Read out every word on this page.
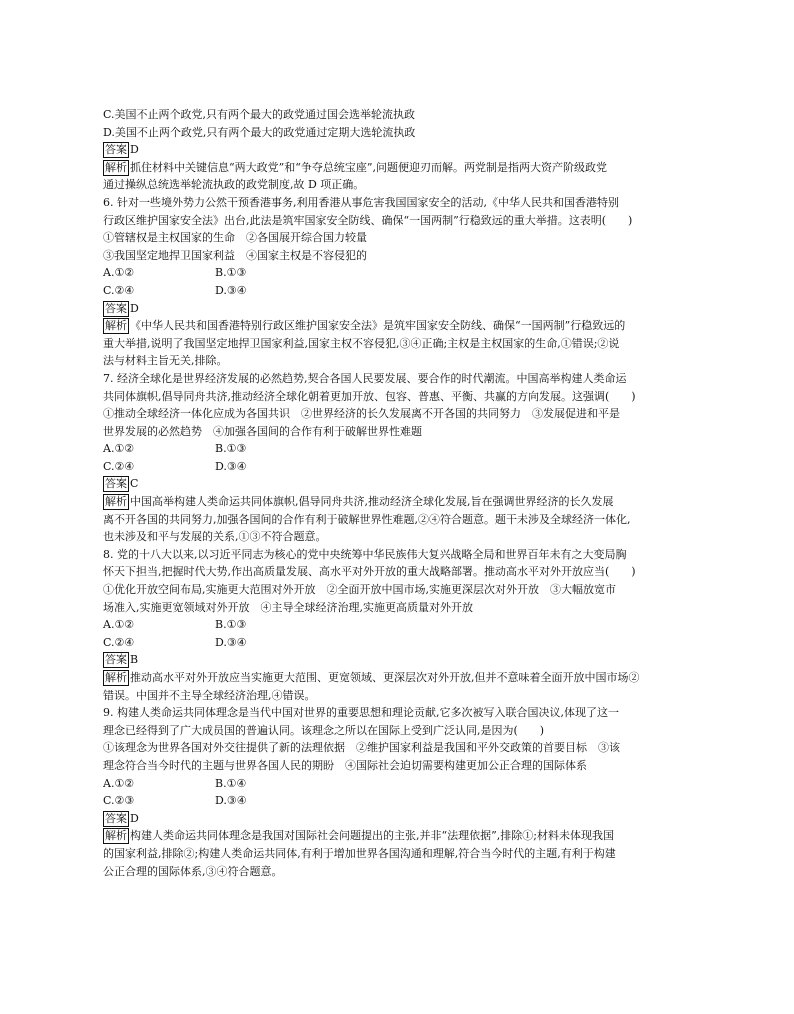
C.美国不止两个政党,只有两个最大的政党通过国会选举轮流执政
D.美国不止两个政党,只有两个最大的政党通过定期大选轮流执政
答案 D
解析 抓住材料中关键信息“两大政党”和“争夺总统宝座”,问题便迎刃而解。两党制是指两大资产阶级政党
通过操纵总统选举轮流执政的政党制度,故 D 项正确。
6. 针对一些境外势力公然干预香港事务,利用香港从事危害我国国家安全的活动,《中华人民共和国香港特别
行政区维护国家安全法》出台,此法是筑牢国家安全防线、确保“一国两制”行稳致远的重大举措。这表明(　　)
①管辖权是主权国家的生命　②各国展开综合国力较量
③我国坚定地捍卫国家利益　④国家主权是不容侵犯的
A.①②	B.①③
C.②④	D.③④
答案 D
解析 《中华人民共和国香港特别行政区维护国家安全法》是筑牢国家安全防线、确保“一国两制”行稳致远的
重大举措,说明了我国坚定地捍卫国家利益,国家主权不容侵犯,③④正确;主权是主权国家的生命,①错误;②说
法与材料主旨无关,排除。
7. 经济全球化是世界经济发展的必然趋势,契合各国人民要发展、要合作的时代潮流。中国高举构建人类命运
共同体旗帜,倡导同舟共济,推动经济全球化朝着更加开放、包容、普惠、平衡、共赢的方向发展。这强调(　　)
①推动全球经济一体化应成为各国共识　②世界经济的长久发展离不开各国的共同努力　③发展促进和平是
世界发展的必然趋势　④加强各国间的合作有利于破解世界性难题
A.①②	B.①③
C.②④	D.③④
答案 C
解析 中国高举构建人类命运共同体旗帜,倡导同舟共济,推动经济全球化发展,旨在强调世界经济的长久发展
离不开各国的共同努力,加强各国间的合作有利于破解世界性难题,②④符合题意。题干未涉及全球经济一体化,
也未涉及和平与发展的关系,①③不符合题意。
8. 党的十八大以来,以习近平同志为核心的党中央统筹中华民族伟大复兴战略全局和世界百年未有之大变局胸
怀天下担当,把握时代大势,作出高质量发展、高水平对外开放的重大战略部署。推动高水平对外开放应当(　　)
①优化开放空间布局,实施更大范围对外开放　②全面开放中国市场,实施更深层次对外开放　③大幅放宽市
场准入,实施更宽领域对外开放　④主导全球经济治理,实施更高质量对外开放
A.①②	B.①③
C.②④	D.③④
答案 B
解析 推动高水平对外开放应当实施更大范围、更宽领域、更深层次对外开放,但并不意味着全面开放中国市场②
错误。中国并不主导全球经济治理,④错误。
9. 构建人类命运共同体理念是当代中国对世界的重要思想和理论贡献,它多次被写入联合国决议,体现了这一
理念已经得到了广大成员国的普遍认同。该理念之所以在国际上受到广泛认同,是因为(　　)
①该理念为世界各国对外交往提供了新的法理依据　②维护国家利益是我国和平外交政策的首要目标　③该
理念符合当今时代的主题与世界各国人民的期盼　④国际社会迫切需要构建更加公正合理的国际体系
A.①②	B.①④
C.②③	D.③④
答案 D
解析 构建人类命运共同体理念是我国对国际社会问题提出的主张,并非“法理依据”,排除①;材料未体现我国
的国家利益,排除②;构建人类命运共同体,有利于增加世界各国沟通和理解,符合当今时代的主题,有利于构建
公正合理的国际体系,③④符合题意。
